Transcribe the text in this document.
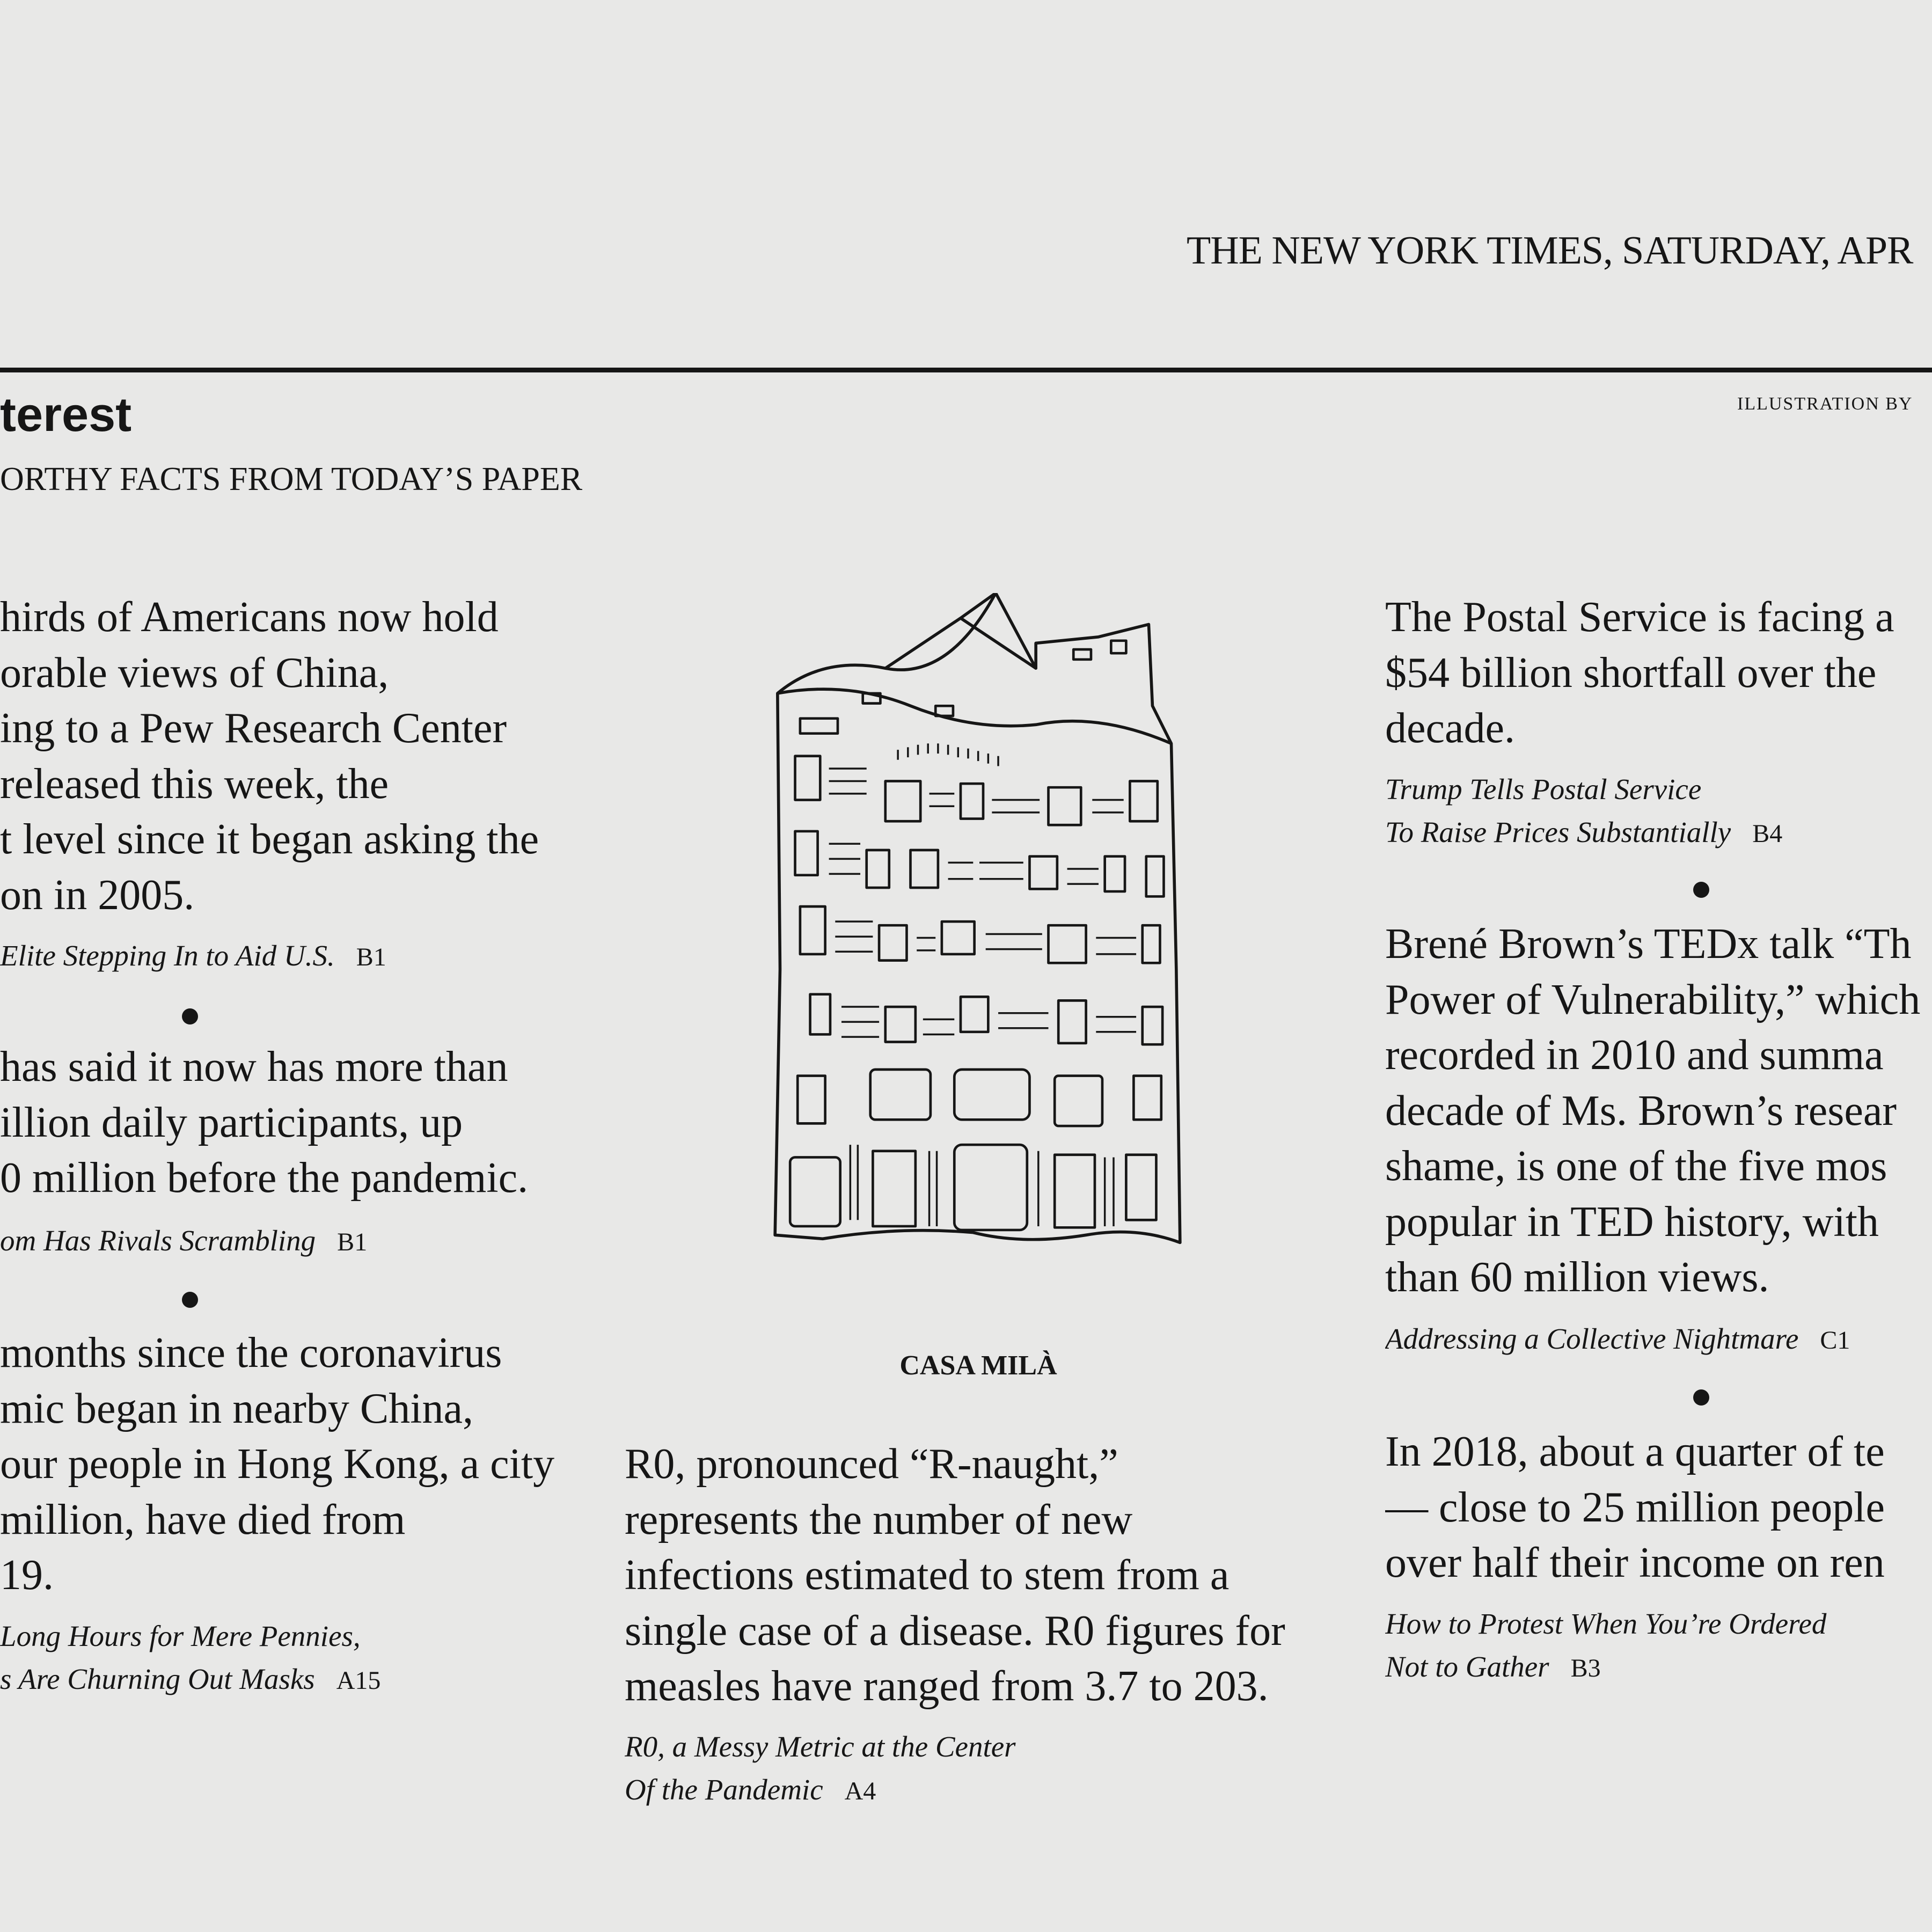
THE NEW YORK TIMES, SATURDAY, APR
terest
ORTHY FACTS FROM TODAY’S PAPER
ILLUSTRATION BY
hirds of Americans now hold
orable views of China,
ing to a Pew Research Center
released this week, the
t level since it began asking the
on in 2005.
Elite Stepping In to Aid U.S. B1
has said it now has more than
illion daily participants, up
0 million before the pandemic.
om Has Rivals Scrambling B1
months since the coronavirus
mic began in nearby China,
our people in Hong Kong, a city
million, have died from
19.
Long Hours for Mere Pennies,
s Are Churning Out Masks A15
CASA MILÀ
R0, pronounced “R-naught,”
represents the number of new
infections estimated to stem from a
single case of a disease. R0 figures for
measles have ranged from 3.7 to 203.
R0, a Messy Metric at the Center
Of the Pandemic A4
The Postal Service is facing a
$54 billion shortfall over the
decade.
Trump Tells Postal Service
To Raise Prices Substantially B4
Brené Brown’s TEDx talk “Th
Power of Vulnerability,” which
recorded in 2010 and summa
decade of Ms. Brown’s resear
shame, is one of the five mos
popular in TED history, with
than 60 million views.
Addressing a Collective Nightmare C1
In 2018, about a quarter of te
— close to 25 million people
over half their income on ren
How to Protest When You’re Ordered
Not to Gather B3
